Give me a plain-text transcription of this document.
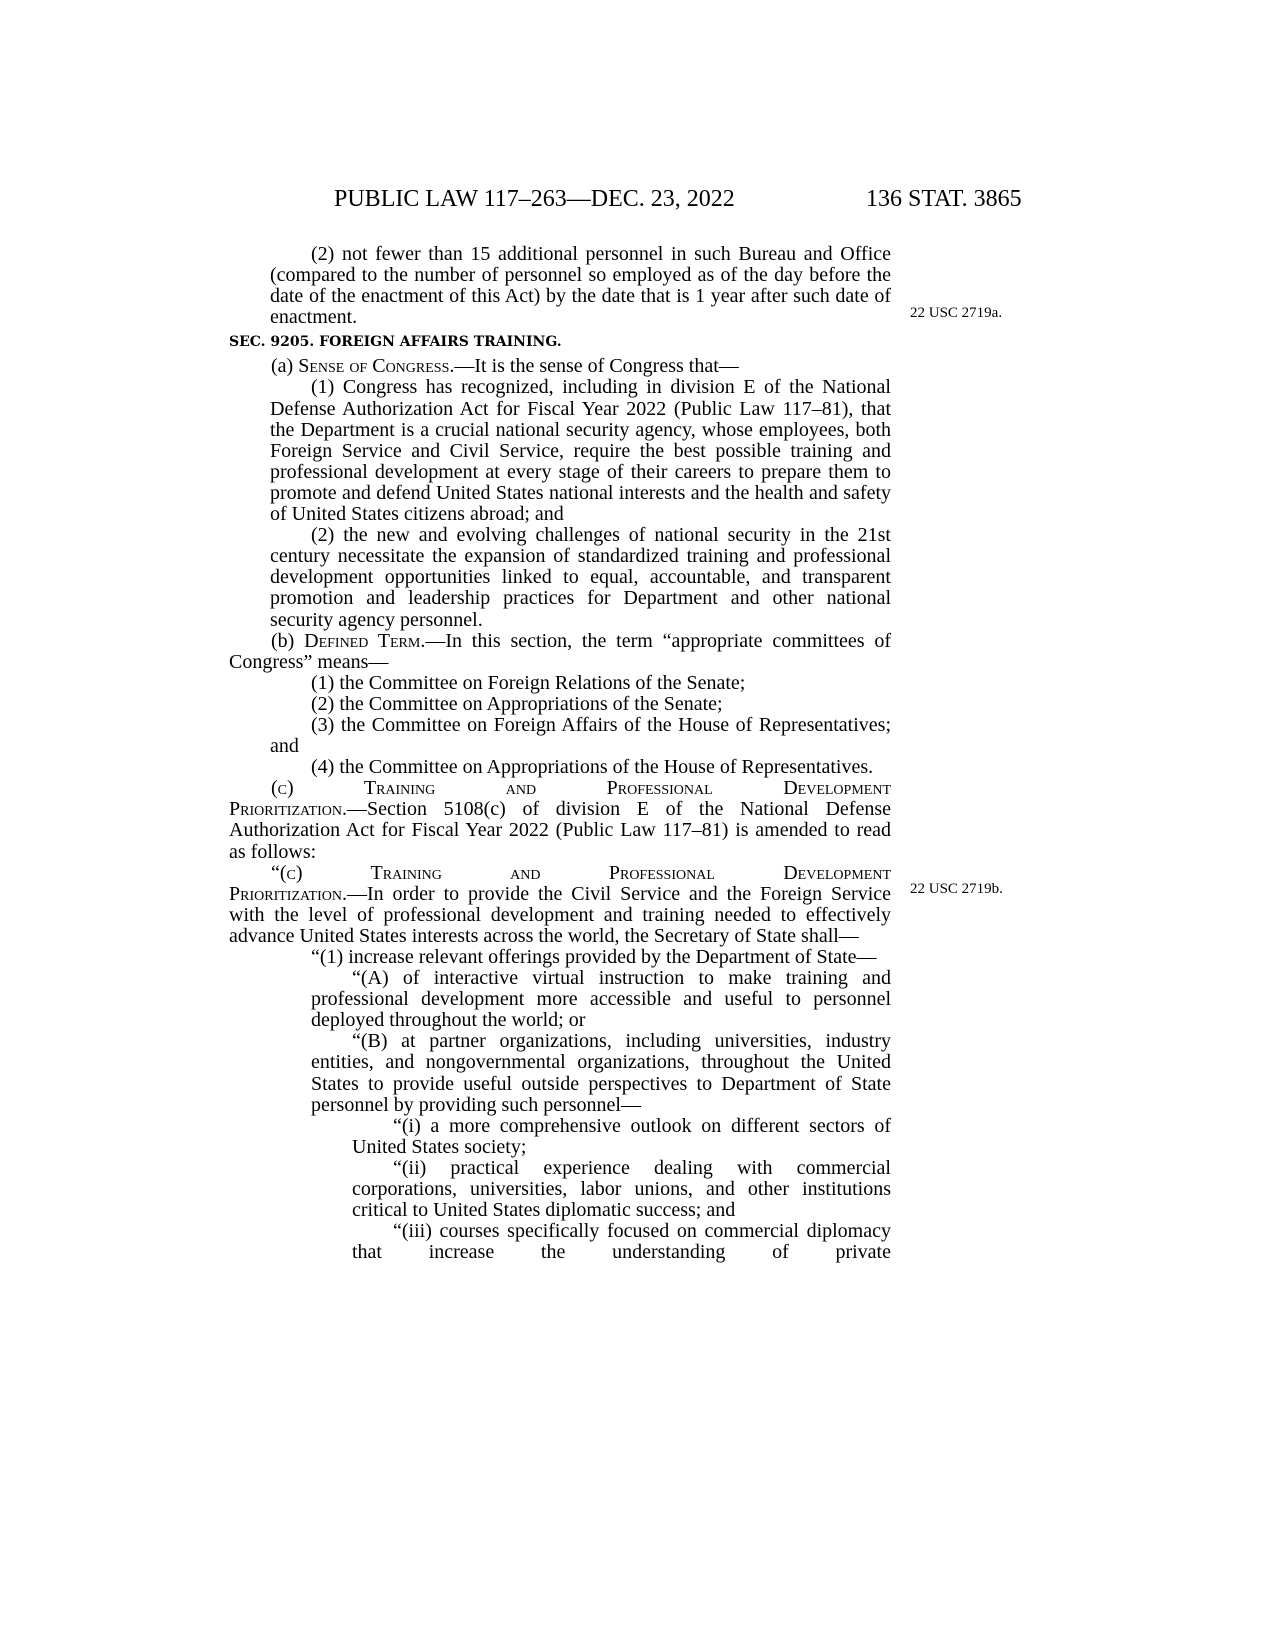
PUBLIC LAW 117–263—DEC. 23, 2022	136 STAT. 3865
22 USC 2719a.
22 USC 2719b.

(2) not fewer than 15 additional personnel in such Bureau and Office (compared to the number of personnel so employed as of the day before the date of the enactment of this Act) by the date that is 1 year after such date of enactment.

SEC. 9205. FOREIGN AFFAIRS TRAINING.

(a) Sense of Congress.—It is the sense of Congress that—

(1) Congress has recognized, including in division E of the National Defense Authorization Act for Fiscal Year 2022 (Public Law 117–81), that the Department is a crucial national security agency, whose employees, both Foreign Service and Civil Service, require the best possible training and professional development at every stage of their careers to prepare them to promote and defend United States national interests and the health and safety of United States citizens abroad; and

(2) the new and evolving challenges of national security in the 21st century necessitate the expansion of standardized training and professional development opportunities linked to equal, accountable, and transparent promotion and leadership practices for Department and other national security agency personnel.

(b) Defined Term.—In this section, the term “appropriate committees of Congress” means—

(1) the Committee on Foreign Relations of the Senate;

(2) the Committee on Appropriations of the Senate;

(3) the Committee on Foreign Affairs of the House of Representatives; and

(4) the Committee on Appropriations of the House of Representatives.

(c) Training and Professional Development

Prioritization.—Section 5108(c) of division E of the National Defense Authorization Act for Fiscal Year 2022 (Public Law 117–81) is amended to read as follows:

“(c) Training and Professional Development

Prioritization.—In order to provide the Civil Service and the Foreign Service with the level of professional development and training needed to effectively advance United States interests across the world, the Secretary of State shall—

“(1) increase relevant offerings provided by the Department of State—

“(A) of interactive virtual instruction to make training and professional development more accessible and useful to personnel deployed throughout the world; or

“(B) at partner organizations, including universities, industry entities, and nongovernmental organizations, throughout the United States to provide useful outside perspectives to Department of State personnel by providing such personnel—

“(i) a more comprehensive outlook on different sectors of United States society;

“(ii) practical experience dealing with commercial corporations, universities, labor unions, and other institutions critical to United States diplomatic success; and

“(iii) courses specifically focused on commercial diplomacy that increase the understanding of private
